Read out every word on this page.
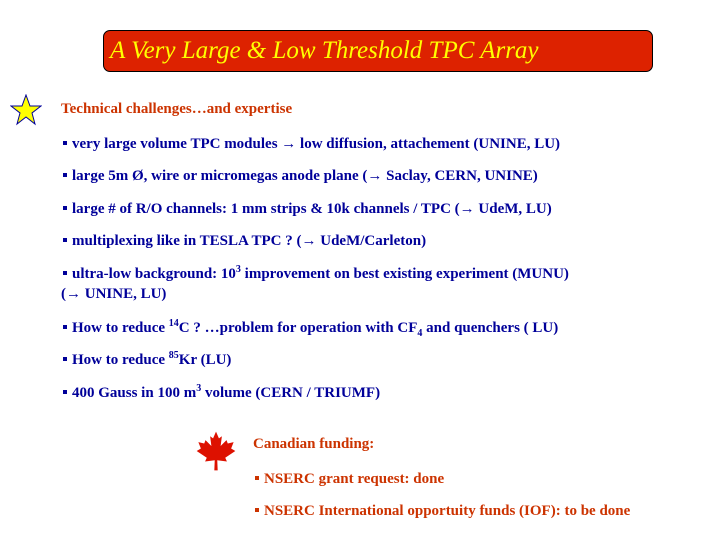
A Very Large & Low Threshold TPC Array
Technical challenges…and expertise
very large volume TPC modules → low diffusion, attachement (UNINE, LU)
large 5m Ø, wire or micromegas anode plane (→ Saclay, CERN, UNINE)
large # of R/O channels: 1 mm strips & 10k channels / TPC (→ UdeM, LU)
multiplexing like in TESLA TPC ? (→ UdeM/Carleton)
ultra-low background: $10^3$ improvement on best existing experiment (MUNU)
(→ UNINE, LU)
How to reduce $^{14}$C ? …problem for operation with $CF_4$ and quenchers ( LU)
How to reduce $^{85}$Kr (LU)
400 Gauss in 100 $m^3$ volume (CERN / TRIUMF)
Canadian funding:
NSERC grant request: done
NSERC International opportuity funds (IOF): to be done
